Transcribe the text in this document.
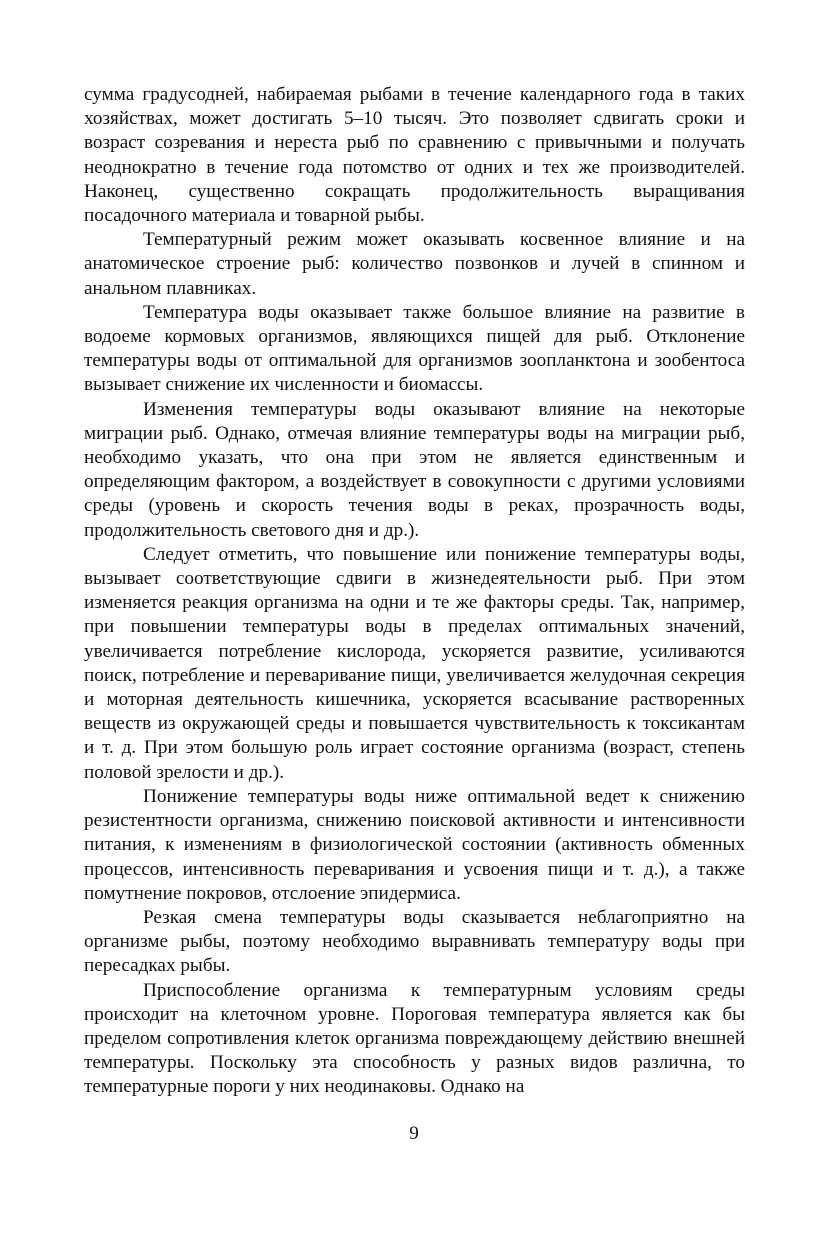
сумма градусодней, набираемая рыбами в течение календарного года в таких хозяйствах, может достигать 5–10 тысяч. Это позволяет сдвигать сроки и возраст созревания и нереста рыб по сравнению с привычными и получать неоднократно в течение года потомство от одних и тех же производителей. Наконец, существенно сокращать продолжительность выращивания посадочного материала и товарной рыбы.

Температурный режим может оказывать косвенное влияние и на анатомическое строение рыб: количество позвонков и лучей в спинном и анальном плавниках.

Температура воды оказывает также большое влияние на развитие в водоеме кормовых организмов, являющихся пищей для рыб. Отклонение температуры воды от оптимальной для организмов зоопланктона и зообентоса вызывает снижение их численности и биомассы.

Изменения температуры воды оказывают влияние на некоторые миграции рыб. Однако, отмечая влияние температуры воды на миграции рыб, необходимо указать, что она при этом не является единственным и определяющим фактором, а воздействует в совокупности с другими условиями среды (уровень и скорость течения воды в реках, прозрачность воды, продолжительность светового дня и др.).

Следует отметить, что повышение или понижение температуры воды, вызывает соответствующие сдвиги в жизнедеятельности рыб. При этом изменяется реакция организма на одни и те же факторы среды. Так, например, при повышении температуры воды в пределах оптимальных значений, увеличивается потребление кислорода, ускоряется развитие, усиливаются поиск, потребление и переваривание пищи, увеличивается желудочная секреция и моторная деятельность кишечника, ускоряется всасывание растворенных веществ из окружающей среды и повышается чувствительность к токсикантам и т. д. При этом большую роль играет состояние организма (возраст, степень половой зрелости и др.).

Понижение температуры воды ниже оптимальной ведет к снижению резистентности организма, снижению поисковой активности и интенсивности питания, к изменениям в физиологической состоянии (активность обменных процессов, интенсивность переваривания и усвоения пищи и т. д.), а также помутнение покровов, отслоение эпидермиса.

Резкая смена температуры воды сказывается неблагоприятно на организме рыбы, поэтому необходимо выравнивать температуру воды при пересадках рыбы.

Приспособление организма к температурным условиям среды происходит на клеточном уровне. Пороговая температура является как бы пределом сопротивления клеток организма повреждающему действию внешней температуры. Поскольку эта способность у разных видов различна, то температурные пороги у них неодинаковы. Однако на

9
